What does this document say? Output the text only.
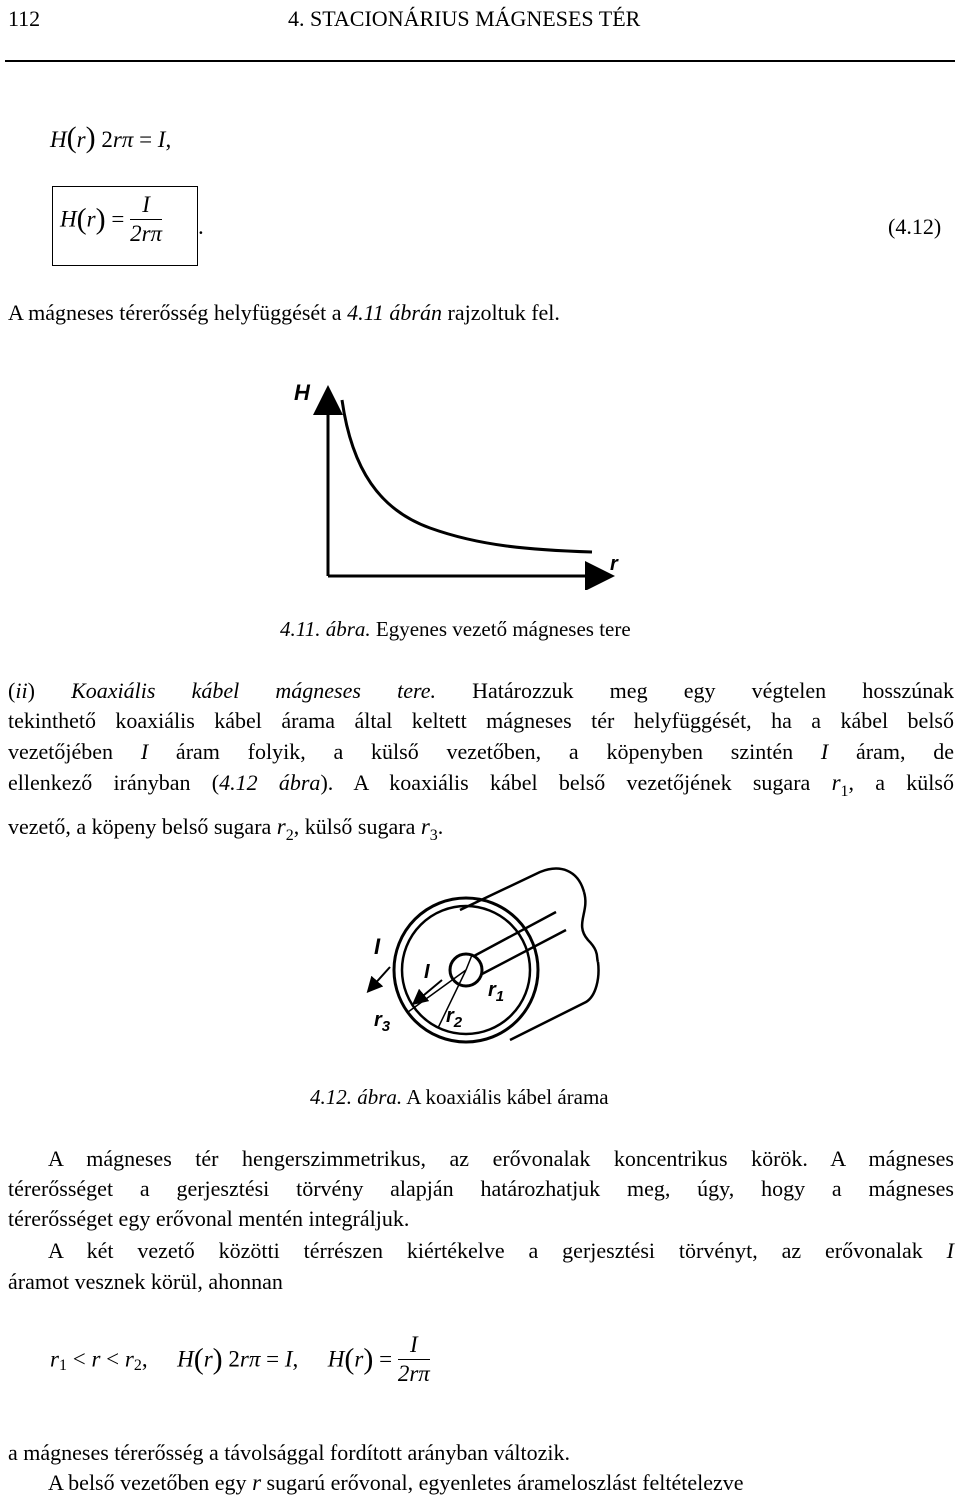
112	4. STACIONÁRIUS MÁGNESES TÉR
H(r) 2rπ = I,
$H(r) = \frac{I}{2r\pi}$ .	(4.12)
A mágneses térerősség helyfüggését a 4.11 ábrán rajzoltuk fel.
H
r
4.11. ábra. Egyenes vezető mágneses tere
(ii) Koaxiális kábel mágneses tere. Határozzuk meg egy végtelen hosszúnak
tekinthető koaxiális kábel árama által keltett mágneses tér helyfüggését, ha a kábel belső
vezetőjében I áram folyik, a külső vezetőben, a köpenyben szintén I áram, de
ellenkező irányban (4.12 ábra). A koaxiális kábel belső vezetőjének sugara $r_1$, a külső
vezető, a köpeny belső sugara $r_2$, külső sugara $r_3$.
I
I
$r_1$
$r_2$
$r_3$
4.12. ábra. A koaxiális kábel árama
A mágneses tér hengerszimmetrikus, az erővonalak koncentrikus körök. A mágneses
térerősséget a gerjesztési törvény alapján határozhatjuk meg, úgy, hogy a mágneses
térerősséget egy erővonal mentén integráljuk.
A két vezető közötti térrészen kiértékelve a gerjesztési törvényt, az erővonalak I
áramot vesznek körül, ahonnan
$r_1 < r < r_2$, H(r) 2rπ = I, $H(r) = \frac{I}{2r\pi}$
a mágneses térerősség a távolsággal fordított arányban változik.
A belső vezetőben egy r sugarú erővonal, egyenletes árameloszlást feltételezve
